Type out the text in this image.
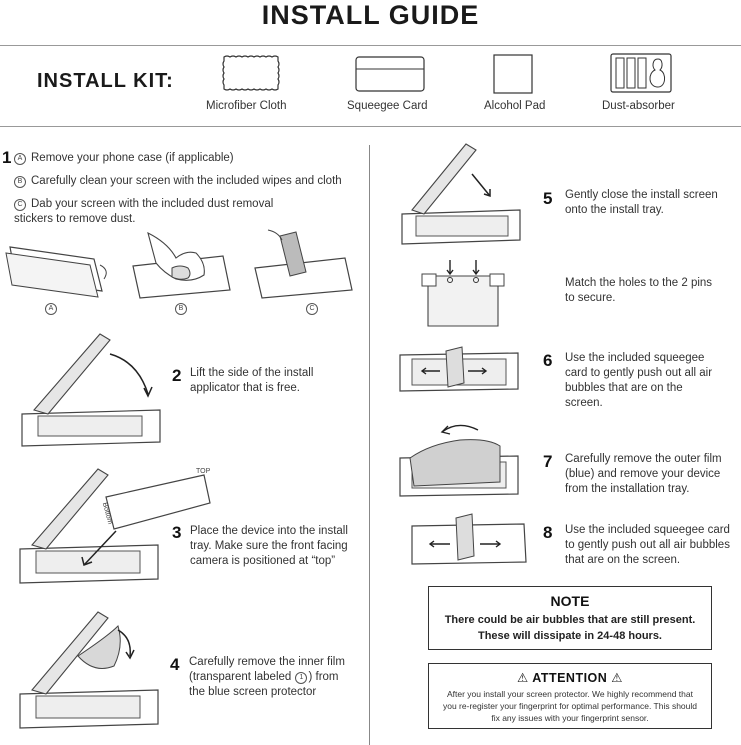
INSTALL GUIDE
INSTALL KIT:
Microfiber Cloth	Squeegee Card	Alcohol Pad	Dust-absorber
1 A Remove your phone case (if applicable)
B Carefully clean your screen with the included wipes and cloth
C Dab your screen with the included dust removal stickers to remove dust.
A	B	C
2 Lift the side of the install applicator that is free.
TOP
Bottom
3 Place the device into the install tray. Make sure the front facing camera is positioned at “top”
4 Carefully remove the inner film (transparent labeled 1 ) from the blue screen protector
5 Gently close the install screen onto the install tray.
Match the holes to the 2 pins to secure.
6 Use the included squeegee card to gently push out all air bubbles that are on the screen.
7 Carefully remove the outer film (blue) and remove your device from the installation tray.
8 Use the included squeegee card to gently push out all air bubbles that are on the screen.
NOTE
There could be air bubbles that are still present. These will dissipate in 24-48 hours.
⚠ ATTENTION ⚠
After you install your screen protector. We highly recommend that you re-register your fingerprint for optimal performance. This should fix any issues with your fingerprint sensor.
